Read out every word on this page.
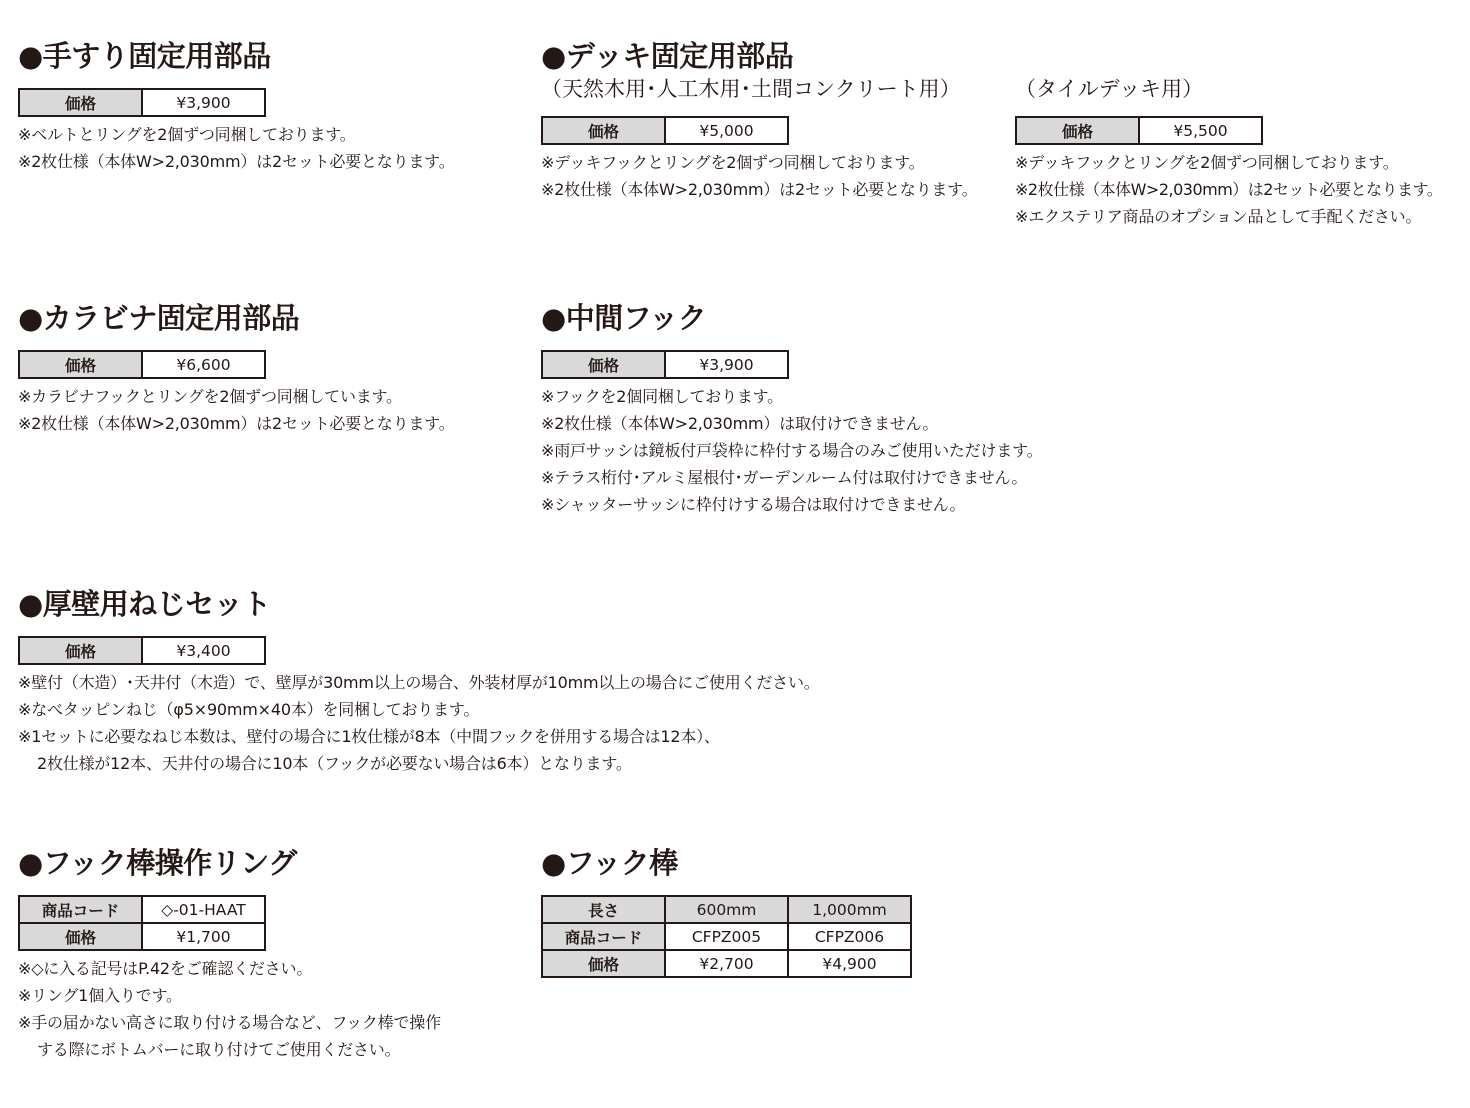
●手すり固定用部品
価格	¥3,900
※ベルトとリングを2個ずつ同梱しております。
※2枚仕様（本体W>2,030mm）は2セット必要となります。
●デッキ固定用部品
（天然木用･人工木用･土間コンクリート用）
価格	¥5,000
※デッキフックとリングを2個ずつ同梱しております。
※2枚仕様（本体W>2,030mm）は2セット必要となります。
（タイルデッキ用）
価格	¥5,500
※デッキフックとリングを2個ずつ同梱しております。
※2枚仕様（本体W>2,030mm）は2セット必要となります。
※エクステリア商品のオプション品として手配ください。
●カラビナ固定用部品
価格	¥6,600
※カラビナフックとリングを2個ずつ同梱しています。
※2枚仕様（本体W>2,030mm）は2セット必要となります。
●中間フック
価格	¥3,900
※フックを2個同梱しております。
※2枚仕様（本体W>2,030mm）は取付けできません。
※雨戸サッシは鏡板付戸袋枠に枠付する場合のみご使用いただけます。
※テラス桁付･アルミ屋根付･ガーデンルーム付は取付けできません。
※シャッターサッシに枠付けする場合は取付けできません。
●厚壁用ねじセット
価格	¥3,400
※壁付（木造）･天井付（木造）で、壁厚が30mm以上の場合、外装材厚が10mm以上の場合にご使用ください。
※なべタッピンねじ（φ5×90mm×40本）を同梱しております。
※1セットに必要なねじ本数は、壁付の場合に1枚仕様が8本（中間フックを併用する場合は12本）、
2枚仕様が12本、天井付の場合に10本（フックが必要ない場合は6本）となります。
●フック棒操作リング
商品コード	◇-01-HAAT
価格	¥1,700
※◇に入る記号はP.42をご確認ください。
※リング1個入りです。
※手の届かない高さに取り付ける場合など、フック棒で操作
する際にボトムバーに取り付けてご使用ください。
●フック棒
長さ	600mm	1,000mm
商品コード	CFPZ005	CFPZ006
価格	¥2,700	¥4,900
